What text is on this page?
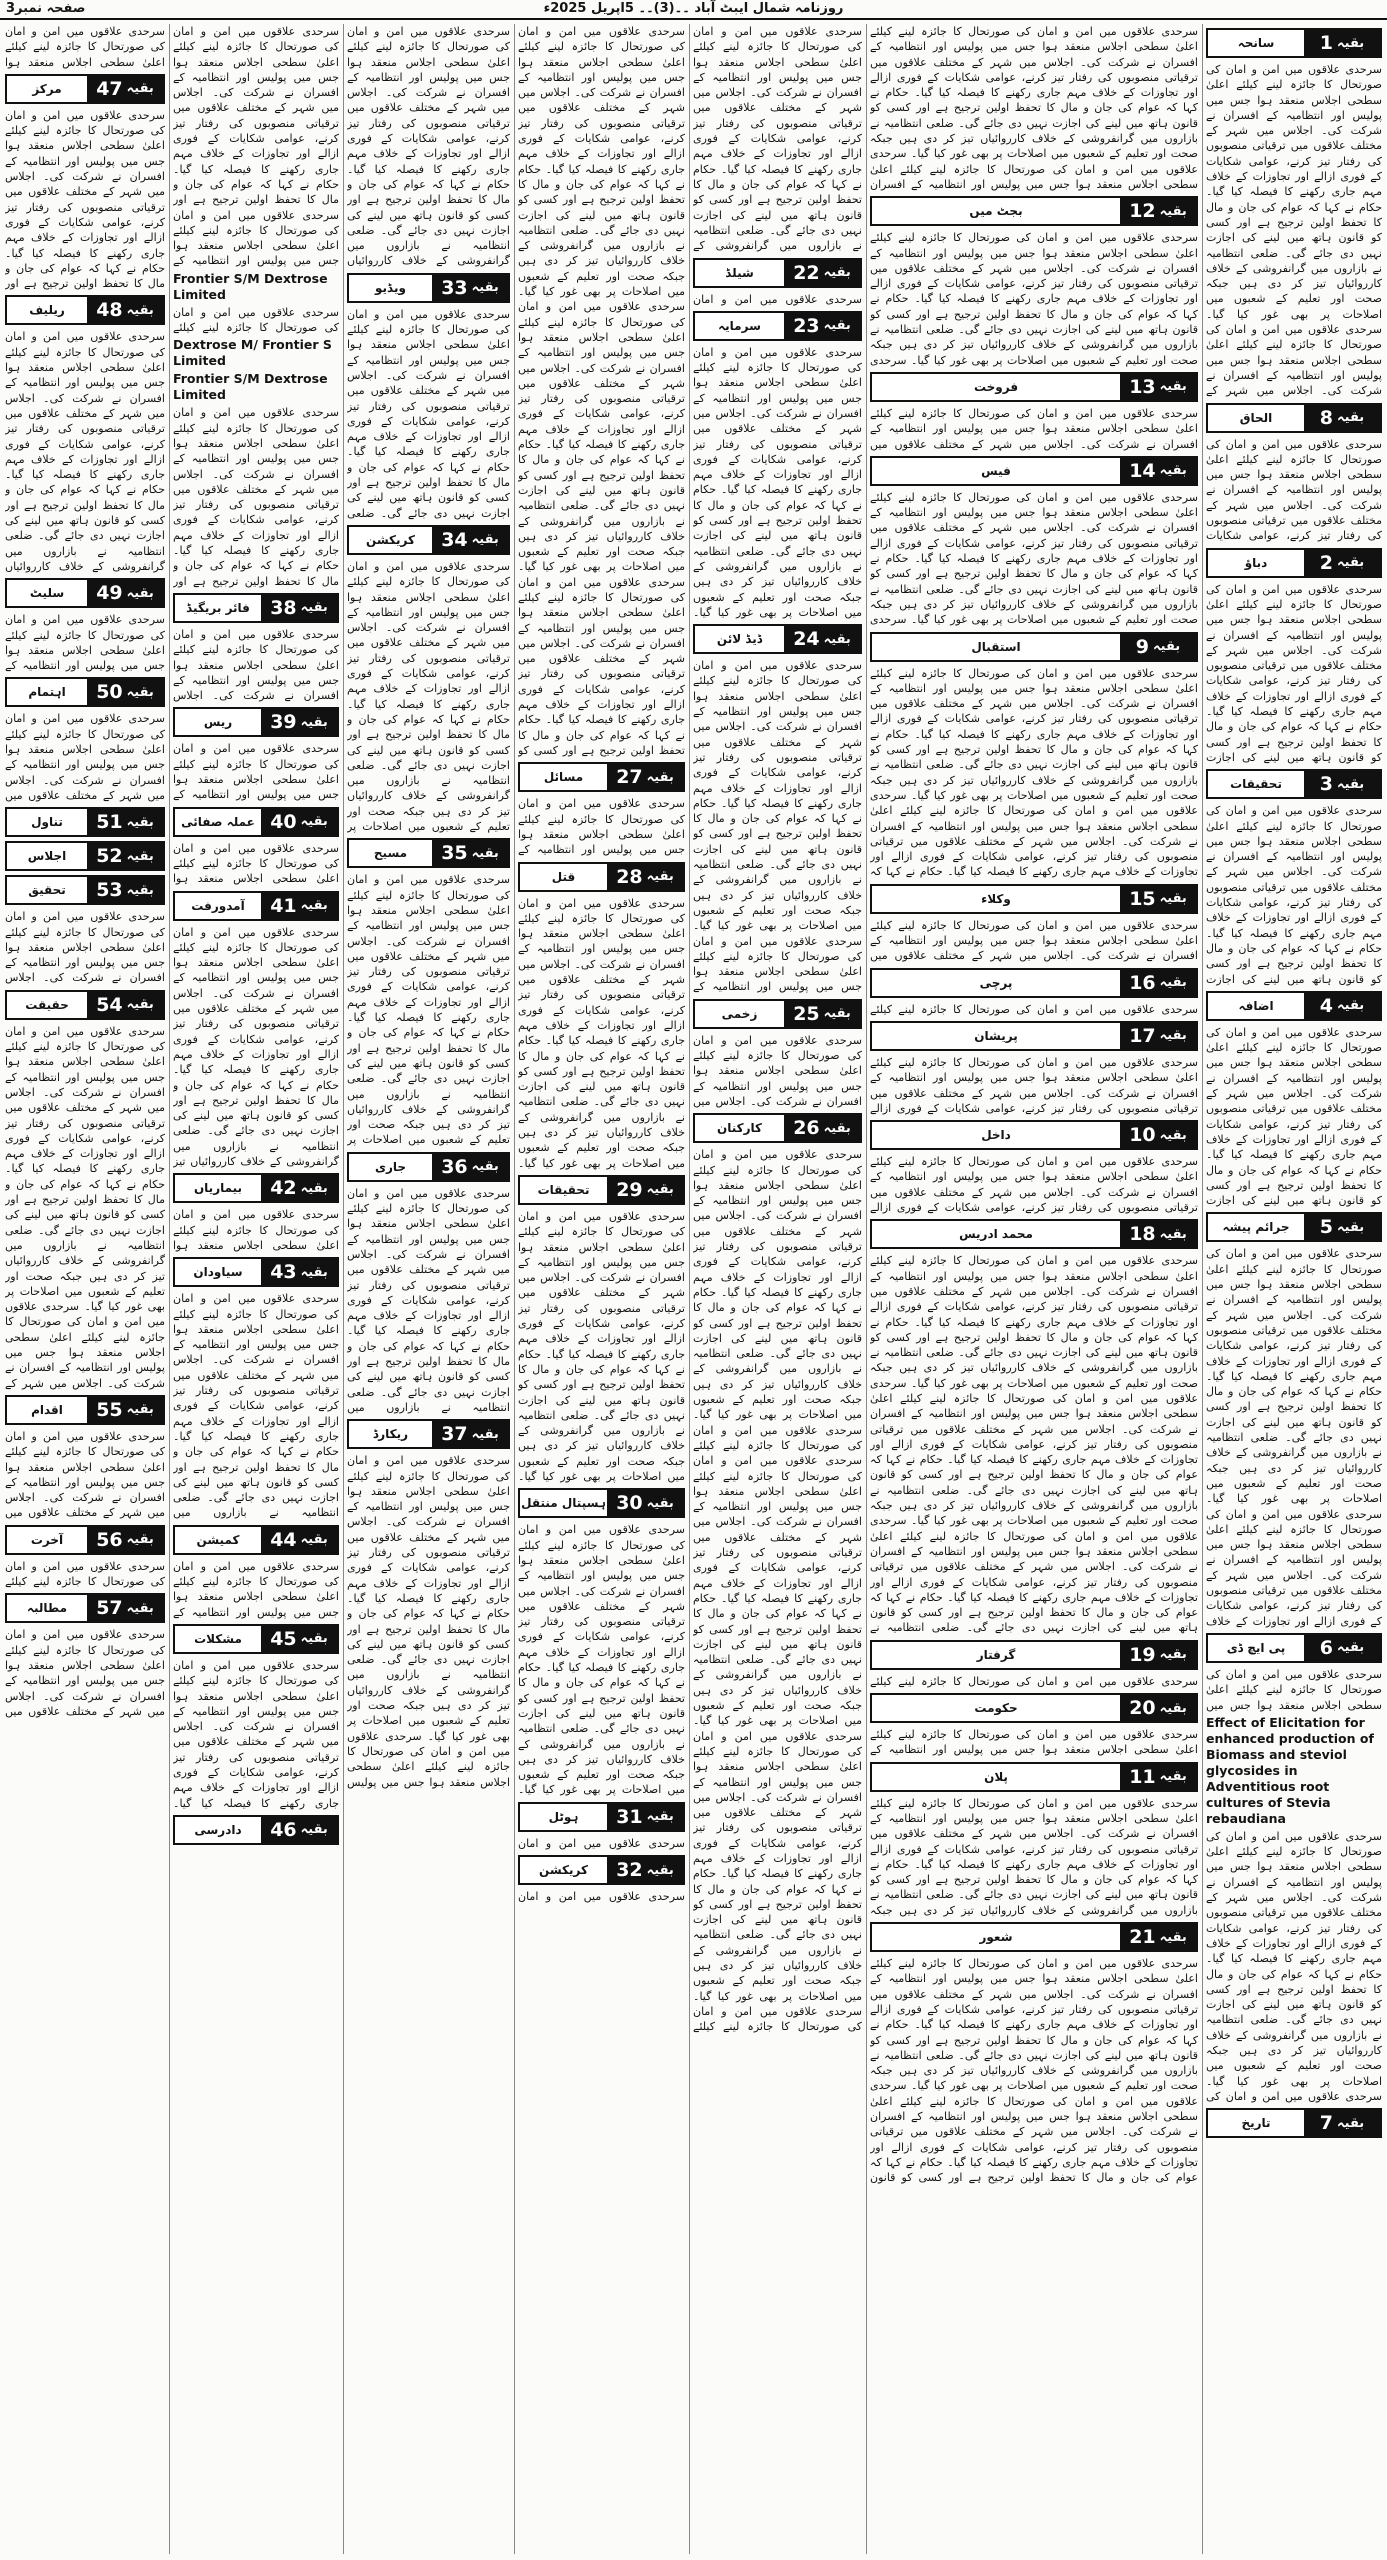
روزنامہ شمال ایبٹ آباد ۔۔(3)۔۔ 5اپریل 2025ء
صفحہ نمبر3
بقیہ
1
سانحہ

سرحدی علاقوں میں امن و امان کی صورتحال کا جائزہ لینے کیلئے اعلیٰ سطحی اجلاس منعقد ہوا جس میں پولیس اور انتظامیہ کے افسران نے شرکت کی۔ اجلاس میں شہر کے مختلف علاقوں میں ترقیاتی منصوبوں کی رفتار تیز کرنے، عوامی شکایات کے فوری ازالے اور تجاوزات کے خلاف مہم جاری رکھنے کا فیصلہ کیا گیا۔ حکام نے کہا کہ عوام کی جان و مال کا تحفظ اولین ترجیح ہے اور کسی کو قانون ہاتھ میں لینے کی اجازت نہیں دی جائے گی۔ ضلعی انتظامیہ نے بازاروں میں گرانفروشی کے خلاف کارروائیاں تیز کر دی ہیں جبکہ صحت اور تعلیم کے شعبوں میں اصلاحات پر بھی غور کیا گیا۔ سرحدی علاقوں میں امن و امان کی صورتحال کا جائزہ لینے کیلئے اعلیٰ سطحی اجلاس منعقد ہوا جس میں پولیس اور انتظامیہ کے افسران نے شرکت کی۔ اجلاس میں شہر کے

بقیہ
8
الحاق

سرحدی علاقوں میں امن و امان کی صورتحال کا جائزہ لینے کیلئے اعلیٰ سطحی اجلاس منعقد ہوا جس میں پولیس اور انتظامیہ کے افسران نے شرکت کی۔ اجلاس میں شہر کے مختلف علاقوں میں ترقیاتی منصوبوں کی رفتار تیز کرنے، عوامی شکایات

بقیہ
2
دباؤ

سرحدی علاقوں میں امن و امان کی صورتحال کا جائزہ لینے کیلئے اعلیٰ سطحی اجلاس منعقد ہوا جس میں پولیس اور انتظامیہ کے افسران نے شرکت کی۔ اجلاس میں شہر کے مختلف علاقوں میں ترقیاتی منصوبوں کی رفتار تیز کرنے، عوامی شکایات کے فوری ازالے اور تجاوزات کے خلاف مہم جاری رکھنے کا فیصلہ کیا گیا۔ حکام نے کہا کہ عوام کی جان و مال کا تحفظ اولین ترجیح ہے اور کسی کو قانون ہاتھ میں لینے کی اجازت

بقیہ
3
تحقیقات

سرحدی علاقوں میں امن و امان کی صورتحال کا جائزہ لینے کیلئے اعلیٰ سطحی اجلاس منعقد ہوا جس میں پولیس اور انتظامیہ کے افسران نے شرکت کی۔ اجلاس میں شہر کے مختلف علاقوں میں ترقیاتی منصوبوں کی رفتار تیز کرنے، عوامی شکایات کے فوری ازالے اور تجاوزات کے خلاف مہم جاری رکھنے کا فیصلہ کیا گیا۔ حکام نے کہا کہ عوام کی جان و مال کا تحفظ اولین ترجیح ہے اور کسی کو قانون ہاتھ میں لینے کی اجازت

بقیہ
4
اضافہ

سرحدی علاقوں میں امن و امان کی صورتحال کا جائزہ لینے کیلئے اعلیٰ سطحی اجلاس منعقد ہوا جس میں پولیس اور انتظامیہ کے افسران نے شرکت کی۔ اجلاس میں شہر کے مختلف علاقوں میں ترقیاتی منصوبوں کی رفتار تیز کرنے، عوامی شکایات کے فوری ازالے اور تجاوزات کے خلاف مہم جاری رکھنے کا فیصلہ کیا گیا۔ حکام نے کہا کہ عوام کی جان و مال کا تحفظ اولین ترجیح ہے اور کسی کو قانون ہاتھ میں لینے کی اجازت

بقیہ
5
جرائم پیشہ

سرحدی علاقوں میں امن و امان کی صورتحال کا جائزہ لینے کیلئے اعلیٰ سطحی اجلاس منعقد ہوا جس میں پولیس اور انتظامیہ کے افسران نے شرکت کی۔ اجلاس میں شہر کے مختلف علاقوں میں ترقیاتی منصوبوں کی رفتار تیز کرنے، عوامی شکایات کے فوری ازالے اور تجاوزات کے خلاف مہم جاری رکھنے کا فیصلہ کیا گیا۔ حکام نے کہا کہ عوام کی جان و مال کا تحفظ اولین ترجیح ہے اور کسی کو قانون ہاتھ میں لینے کی اجازت نہیں دی جائے گی۔ ضلعی انتظامیہ نے بازاروں میں گرانفروشی کے خلاف کارروائیاں تیز کر دی ہیں جبکہ صحت اور تعلیم کے شعبوں میں اصلاحات پر بھی غور کیا گیا۔ سرحدی علاقوں میں امن و امان کی صورتحال کا جائزہ لینے کیلئے اعلیٰ سطحی اجلاس منعقد ہوا جس میں پولیس اور انتظامیہ کے افسران نے شرکت کی۔ اجلاس میں شہر کے مختلف علاقوں میں ترقیاتی منصوبوں کی رفتار تیز کرنے، عوامی شکایات کے فوری ازالے اور تجاوزات کے خلاف

بقیہ
6
پی ایچ ڈی

سرحدی علاقوں میں امن و امان کی صورتحال کا جائزہ لینے کیلئے اعلیٰ سطحی اجلاس منعقد ہوا جس میں

Effect of Elicitation for enhanced production of Biomass and steviol glycosides in Adventitious root cultures of Stevia rebaudiana

سرحدی علاقوں میں امن و امان کی صورتحال کا جائزہ لینے کیلئے اعلیٰ سطحی اجلاس منعقد ہوا جس میں پولیس اور انتظامیہ کے افسران نے شرکت کی۔ اجلاس میں شہر کے مختلف علاقوں میں ترقیاتی منصوبوں کی رفتار تیز کرنے، عوامی شکایات کے فوری ازالے اور تجاوزات کے خلاف مہم جاری رکھنے کا فیصلہ کیا گیا۔ حکام نے کہا کہ عوام کی جان و مال کا تحفظ اولین ترجیح ہے اور کسی کو قانون ہاتھ میں لینے کی اجازت نہیں دی جائے گی۔ ضلعی انتظامیہ نے بازاروں میں گرانفروشی کے خلاف کارروائیاں تیز کر دی ہیں جبکہ صحت اور تعلیم کے شعبوں میں اصلاحات پر بھی غور کیا گیا۔ سرحدی علاقوں میں امن و امان کی

بقیہ
7
تاریخ

سرحدی علاقوں میں امن و امان کی صورتحال کا جائزہ لینے کیلئے اعلیٰ سطحی اجلاس منعقد ہوا جس میں پولیس اور انتظامیہ کے افسران نے شرکت کی۔ اجلاس میں شہر کے مختلف علاقوں میں ترقیاتی منصوبوں کی رفتار تیز کرنے، عوامی شکایات کے فوری ازالے اور تجاوزات کے خلاف مہم جاری رکھنے کا فیصلہ کیا گیا۔ حکام نے کہا کہ عوام کی جان و مال کا تحفظ اولین ترجیح ہے اور کسی کو قانون ہاتھ میں لینے کی اجازت نہیں دی جائے گی۔ ضلعی انتظامیہ نے بازاروں میں گرانفروشی کے خلاف کارروائیاں تیز کر دی ہیں جبکہ صحت اور تعلیم کے شعبوں میں اصلاحات پر بھی غور کیا گیا۔ سرحدی علاقوں میں امن و امان کی صورتحال کا جائزہ لینے کیلئے اعلیٰ سطحی اجلاس منعقد ہوا جس میں پولیس اور انتظامیہ کے افسران

بقیہ
12
بجٹ میں

سرحدی علاقوں میں امن و امان کی صورتحال کا جائزہ لینے کیلئے اعلیٰ سطحی اجلاس منعقد ہوا جس میں پولیس اور انتظامیہ کے افسران نے شرکت کی۔ اجلاس میں شہر کے مختلف علاقوں میں ترقیاتی منصوبوں کی رفتار تیز کرنے، عوامی شکایات کے فوری ازالے اور تجاوزات کے خلاف مہم جاری رکھنے کا فیصلہ کیا گیا۔ حکام نے کہا کہ عوام کی جان و مال کا تحفظ اولین ترجیح ہے اور کسی کو قانون ہاتھ میں لینے کی اجازت نہیں دی جائے گی۔ ضلعی انتظامیہ نے بازاروں میں گرانفروشی کے خلاف کارروائیاں تیز کر دی ہیں جبکہ صحت اور تعلیم کے شعبوں میں اصلاحات پر بھی غور کیا گیا۔ سرحدی

بقیہ
13
فروخت

سرحدی علاقوں میں امن و امان کی صورتحال کا جائزہ لینے کیلئے اعلیٰ سطحی اجلاس منعقد ہوا جس میں پولیس اور انتظامیہ کے افسران نے شرکت کی۔ اجلاس میں شہر کے مختلف علاقوں میں

بقیہ
14
فیس

سرحدی علاقوں میں امن و امان کی صورتحال کا جائزہ لینے کیلئے اعلیٰ سطحی اجلاس منعقد ہوا جس میں پولیس اور انتظامیہ کے افسران نے شرکت کی۔ اجلاس میں شہر کے مختلف علاقوں میں ترقیاتی منصوبوں کی رفتار تیز کرنے، عوامی شکایات کے فوری ازالے اور تجاوزات کے خلاف مہم جاری رکھنے کا فیصلہ کیا گیا۔ حکام نے کہا کہ عوام کی جان و مال کا تحفظ اولین ترجیح ہے اور کسی کو قانون ہاتھ میں لینے کی اجازت نہیں دی جائے گی۔ ضلعی انتظامیہ نے بازاروں میں گرانفروشی کے خلاف کارروائیاں تیز کر دی ہیں جبکہ صحت اور تعلیم کے شعبوں میں اصلاحات پر بھی غور کیا گیا۔ سرحدی

بقیہ
9
استقبال

سرحدی علاقوں میں امن و امان کی صورتحال کا جائزہ لینے کیلئے اعلیٰ سطحی اجلاس منعقد ہوا جس میں پولیس اور انتظامیہ کے افسران نے شرکت کی۔ اجلاس میں شہر کے مختلف علاقوں میں ترقیاتی منصوبوں کی رفتار تیز کرنے، عوامی شکایات کے فوری ازالے اور تجاوزات کے خلاف مہم جاری رکھنے کا فیصلہ کیا گیا۔ حکام نے کہا کہ عوام کی جان و مال کا تحفظ اولین ترجیح ہے اور کسی کو قانون ہاتھ میں لینے کی اجازت نہیں دی جائے گی۔ ضلعی انتظامیہ نے بازاروں میں گرانفروشی کے خلاف کارروائیاں تیز کر دی ہیں جبکہ صحت اور تعلیم کے شعبوں میں اصلاحات پر بھی غور کیا گیا۔ سرحدی علاقوں میں امن و امان کی صورتحال کا جائزہ لینے کیلئے اعلیٰ سطحی اجلاس منعقد ہوا جس میں پولیس اور انتظامیہ کے افسران نے شرکت کی۔ اجلاس میں شہر کے مختلف علاقوں میں ترقیاتی منصوبوں کی رفتار تیز کرنے، عوامی شکایات کے فوری ازالے اور تجاوزات کے خلاف مہم جاری رکھنے کا فیصلہ کیا گیا۔ حکام نے کہا کہ

بقیہ
15
وکلاء

سرحدی علاقوں میں امن و امان کی صورتحال کا جائزہ لینے کیلئے اعلیٰ سطحی اجلاس منعقد ہوا جس میں پولیس اور انتظامیہ کے افسران نے شرکت کی۔ اجلاس میں شہر کے مختلف علاقوں میں

بقیہ
16
پرچی

سرحدی علاقوں میں امن و امان کی صورتحال کا جائزہ لینے کیلئے

بقیہ
17
پریشان

سرحدی علاقوں میں امن و امان کی صورتحال کا جائزہ لینے کیلئے اعلیٰ سطحی اجلاس منعقد ہوا جس میں پولیس اور انتظامیہ کے افسران نے شرکت کی۔ اجلاس میں شہر کے مختلف علاقوں میں ترقیاتی منصوبوں کی رفتار تیز کرنے، عوامی شکایات کے فوری ازالے

بقیہ
10
داخل

سرحدی علاقوں میں امن و امان کی صورتحال کا جائزہ لینے کیلئے اعلیٰ سطحی اجلاس منعقد ہوا جس میں پولیس اور انتظامیہ کے افسران نے شرکت کی۔ اجلاس میں شہر کے مختلف علاقوں میں ترقیاتی منصوبوں کی رفتار تیز کرنے، عوامی شکایات کے فوری ازالے

بقیہ
18
محمد ادریس

سرحدی علاقوں میں امن و امان کی صورتحال کا جائزہ لینے کیلئے اعلیٰ سطحی اجلاس منعقد ہوا جس میں پولیس اور انتظامیہ کے افسران نے شرکت کی۔ اجلاس میں شہر کے مختلف علاقوں میں ترقیاتی منصوبوں کی رفتار تیز کرنے، عوامی شکایات کے فوری ازالے اور تجاوزات کے خلاف مہم جاری رکھنے کا فیصلہ کیا گیا۔ حکام نے کہا کہ عوام کی جان و مال کا تحفظ اولین ترجیح ہے اور کسی کو قانون ہاتھ میں لینے کی اجازت نہیں دی جائے گی۔ ضلعی انتظامیہ نے بازاروں میں گرانفروشی کے خلاف کارروائیاں تیز کر دی ہیں جبکہ صحت اور تعلیم کے شعبوں میں اصلاحات پر بھی غور کیا گیا۔ سرحدی علاقوں میں امن و امان کی صورتحال کا جائزہ لینے کیلئے اعلیٰ سطحی اجلاس منعقد ہوا جس میں پولیس اور انتظامیہ کے افسران نے شرکت کی۔ اجلاس میں شہر کے مختلف علاقوں میں ترقیاتی منصوبوں کی رفتار تیز کرنے، عوامی شکایات کے فوری ازالے اور تجاوزات کے خلاف مہم جاری رکھنے کا فیصلہ کیا گیا۔ حکام نے کہا کہ عوام کی جان و مال کا تحفظ اولین ترجیح ہے اور کسی کو قانون ہاتھ میں لینے کی اجازت نہیں دی جائے گی۔ ضلعی انتظامیہ نے بازاروں میں گرانفروشی کے خلاف کارروائیاں تیز کر دی ہیں جبکہ صحت اور تعلیم کے شعبوں میں اصلاحات پر بھی غور کیا گیا۔ سرحدی علاقوں میں امن و امان کی صورتحال کا جائزہ لینے کیلئے اعلیٰ سطحی اجلاس منعقد ہوا جس میں پولیس اور انتظامیہ کے افسران نے شرکت کی۔ اجلاس میں شہر کے مختلف علاقوں میں ترقیاتی منصوبوں کی رفتار تیز کرنے، عوامی شکایات کے فوری ازالے اور تجاوزات کے خلاف مہم جاری رکھنے کا فیصلہ کیا گیا۔ حکام نے کہا کہ عوام کی جان و مال کا تحفظ اولین ترجیح ہے اور کسی کو قانون ہاتھ میں لینے کی اجازت نہیں دی جائے گی۔ ضلعی انتظامیہ نے

بقیہ
19
گرفتار

سرحدی علاقوں میں امن و امان کی صورتحال کا جائزہ لینے کیلئے

بقیہ
20
حکومت

سرحدی علاقوں میں امن و امان کی صورتحال کا جائزہ لینے کیلئے اعلیٰ سطحی اجلاس منعقد ہوا جس میں پولیس اور انتظامیہ کے

بقیہ
11
پلان

سرحدی علاقوں میں امن و امان کی صورتحال کا جائزہ لینے کیلئے اعلیٰ سطحی اجلاس منعقد ہوا جس میں پولیس اور انتظامیہ کے افسران نے شرکت کی۔ اجلاس میں شہر کے مختلف علاقوں میں ترقیاتی منصوبوں کی رفتار تیز کرنے، عوامی شکایات کے فوری ازالے اور تجاوزات کے خلاف مہم جاری رکھنے کا فیصلہ کیا گیا۔ حکام نے کہا کہ عوام کی جان و مال کا تحفظ اولین ترجیح ہے اور کسی کو قانون ہاتھ میں لینے کی اجازت نہیں دی جائے گی۔ ضلعی انتظامیہ نے بازاروں میں گرانفروشی کے خلاف کارروائیاں تیز کر دی ہیں جبکہ

بقیہ
21
شعور

سرحدی علاقوں میں امن و امان کی صورتحال کا جائزہ لینے کیلئے اعلیٰ سطحی اجلاس منعقد ہوا جس میں پولیس اور انتظامیہ کے افسران نے شرکت کی۔ اجلاس میں شہر کے مختلف علاقوں میں ترقیاتی منصوبوں کی رفتار تیز کرنے، عوامی شکایات کے فوری ازالے اور تجاوزات کے خلاف مہم جاری رکھنے کا فیصلہ کیا گیا۔ حکام نے کہا کہ عوام کی جان و مال کا تحفظ اولین ترجیح ہے اور کسی کو قانون ہاتھ میں لینے کی اجازت نہیں دی جائے گی۔ ضلعی انتظامیہ نے بازاروں میں گرانفروشی کے خلاف کارروائیاں تیز کر دی ہیں جبکہ صحت اور تعلیم کے شعبوں میں اصلاحات پر بھی غور کیا گیا۔ سرحدی علاقوں میں امن و امان کی صورتحال کا جائزہ لینے کیلئے اعلیٰ سطحی اجلاس منعقد ہوا جس میں پولیس اور انتظامیہ کے افسران نے شرکت کی۔ اجلاس میں شہر کے مختلف علاقوں میں ترقیاتی منصوبوں کی رفتار تیز کرنے، عوامی شکایات کے فوری ازالے اور تجاوزات کے خلاف مہم جاری رکھنے کا فیصلہ کیا گیا۔ حکام نے کہا کہ عوام کی جان و مال کا تحفظ اولین ترجیح ہے اور کسی کو قانون

سرحدی علاقوں میں امن و امان کی صورتحال کا جائزہ لینے کیلئے اعلیٰ سطحی اجلاس منعقد ہوا جس میں پولیس اور انتظامیہ کے افسران نے شرکت کی۔ اجلاس میں شہر کے مختلف علاقوں میں ترقیاتی منصوبوں کی رفتار تیز کرنے، عوامی شکایات کے فوری ازالے اور تجاوزات کے خلاف مہم جاری رکھنے کا فیصلہ کیا گیا۔ حکام نے کہا کہ عوام کی جان و مال کا تحفظ اولین ترجیح ہے اور کسی کو قانون ہاتھ میں لینے کی اجازت نہیں دی جائے گی۔ ضلعی انتظامیہ نے بازاروں میں گرانفروشی کے

بقیہ
22
شیلڈ

سرحدی علاقوں میں امن و امان

بقیہ
23
سرمایہ

سرحدی علاقوں میں امن و امان کی صورتحال کا جائزہ لینے کیلئے اعلیٰ سطحی اجلاس منعقد ہوا جس میں پولیس اور انتظامیہ کے افسران نے شرکت کی۔ اجلاس میں شہر کے مختلف علاقوں میں ترقیاتی منصوبوں کی رفتار تیز کرنے، عوامی شکایات کے فوری ازالے اور تجاوزات کے خلاف مہم جاری رکھنے کا فیصلہ کیا گیا۔ حکام نے کہا کہ عوام کی جان و مال کا تحفظ اولین ترجیح ہے اور کسی کو قانون ہاتھ میں لینے کی اجازت نہیں دی جائے گی۔ ضلعی انتظامیہ نے بازاروں میں گرانفروشی کے خلاف کارروائیاں تیز کر دی ہیں جبکہ صحت اور تعلیم کے شعبوں میں اصلاحات پر بھی غور کیا گیا۔

بقیہ
24
ڈیڈ لائن

سرحدی علاقوں میں امن و امان کی صورتحال کا جائزہ لینے کیلئے اعلیٰ سطحی اجلاس منعقد ہوا جس میں پولیس اور انتظامیہ کے افسران نے شرکت کی۔ اجلاس میں شہر کے مختلف علاقوں میں ترقیاتی منصوبوں کی رفتار تیز کرنے، عوامی شکایات کے فوری ازالے اور تجاوزات کے خلاف مہم جاری رکھنے کا فیصلہ کیا گیا۔ حکام نے کہا کہ عوام کی جان و مال کا تحفظ اولین ترجیح ہے اور کسی کو قانون ہاتھ میں لینے کی اجازت نہیں دی جائے گی۔ ضلعی انتظامیہ نے بازاروں میں گرانفروشی کے خلاف کارروائیاں تیز کر دی ہیں جبکہ صحت اور تعلیم کے شعبوں میں اصلاحات پر بھی غور کیا گیا۔ سرحدی علاقوں میں امن و امان کی صورتحال کا جائزہ لینے کیلئے اعلیٰ سطحی اجلاس منعقد ہوا جس میں پولیس اور انتظامیہ کے

بقیہ
25
زخمی

سرحدی علاقوں میں امن و امان کی صورتحال کا جائزہ لینے کیلئے اعلیٰ سطحی اجلاس منعقد ہوا جس میں پولیس اور انتظامیہ کے افسران نے شرکت کی۔ اجلاس میں

بقیہ
26
کارکنان

سرحدی علاقوں میں امن و امان کی صورتحال کا جائزہ لینے کیلئے اعلیٰ سطحی اجلاس منعقد ہوا جس میں پولیس اور انتظامیہ کے افسران نے شرکت کی۔ اجلاس میں شہر کے مختلف علاقوں میں ترقیاتی منصوبوں کی رفتار تیز کرنے، عوامی شکایات کے فوری ازالے اور تجاوزات کے خلاف مہم جاری رکھنے کا فیصلہ کیا گیا۔ حکام نے کہا کہ عوام کی جان و مال کا تحفظ اولین ترجیح ہے اور کسی کو قانون ہاتھ میں لینے کی اجازت نہیں دی جائے گی۔ ضلعی انتظامیہ نے بازاروں میں گرانفروشی کے خلاف کارروائیاں تیز کر دی ہیں جبکہ صحت اور تعلیم کے شعبوں میں اصلاحات پر بھی غور کیا گیا۔ سرحدی علاقوں میں امن و امان کی صورتحال کا جائزہ لینے کیلئے

سرحدی علاقوں میں امن و امان کی صورتحال کا جائزہ لینے کیلئے اعلیٰ سطحی اجلاس منعقد ہوا جس میں پولیس اور انتظامیہ کے افسران نے شرکت کی۔ اجلاس میں شہر کے مختلف علاقوں میں ترقیاتی منصوبوں کی رفتار تیز کرنے، عوامی شکایات کے فوری ازالے اور تجاوزات کے خلاف مہم جاری رکھنے کا فیصلہ کیا گیا۔ حکام نے کہا کہ عوام کی جان و مال کا تحفظ اولین ترجیح ہے اور کسی کو قانون ہاتھ میں لینے کی اجازت نہیں دی جائے گی۔ ضلعی انتظامیہ نے بازاروں میں گرانفروشی کے خلاف کارروائیاں تیز کر دی ہیں جبکہ صحت اور تعلیم کے شعبوں میں اصلاحات پر بھی غور کیا گیا۔ سرحدی علاقوں میں امن و امان کی صورتحال کا جائزہ لینے کیلئے اعلیٰ سطحی اجلاس منعقد ہوا جس میں پولیس اور انتظامیہ کے افسران نے شرکت کی۔ اجلاس میں شہر کے مختلف علاقوں میں ترقیاتی منصوبوں کی رفتار تیز کرنے، عوامی شکایات کے فوری ازالے اور تجاوزات کے خلاف مہم جاری رکھنے کا فیصلہ کیا گیا۔ حکام نے کہا کہ عوام کی جان و مال کا تحفظ اولین ترجیح ہے اور کسی کو قانون ہاتھ میں لینے کی اجازت نہیں دی جائے گی۔ ضلعی انتظامیہ نے بازاروں میں گرانفروشی کے خلاف کارروائیاں تیز کر دی ہیں جبکہ صحت اور تعلیم کے شعبوں میں اصلاحات پر بھی غور کیا گیا۔ سرحدی علاقوں میں امن و امان کی صورتحال کا جائزہ لینے کیلئے

سرحدی علاقوں میں امن و امان کی صورتحال کا جائزہ لینے کیلئے اعلیٰ سطحی اجلاس منعقد ہوا جس میں پولیس اور انتظامیہ کے افسران نے شرکت کی۔ اجلاس میں شہر کے مختلف علاقوں میں ترقیاتی منصوبوں کی رفتار تیز کرنے، عوامی شکایات کے فوری ازالے اور تجاوزات کے خلاف مہم جاری رکھنے کا فیصلہ کیا گیا۔ حکام نے کہا کہ عوام کی جان و مال کا تحفظ اولین ترجیح ہے اور کسی کو قانون ہاتھ میں لینے کی اجازت نہیں دی جائے گی۔ ضلعی انتظامیہ نے بازاروں میں گرانفروشی کے خلاف کارروائیاں تیز کر دی ہیں جبکہ صحت اور تعلیم کے شعبوں میں اصلاحات پر بھی غور کیا گیا۔ سرحدی علاقوں میں امن و امان کی صورتحال کا جائزہ لینے کیلئے اعلیٰ سطحی اجلاس منعقد ہوا جس میں پولیس اور انتظامیہ کے افسران نے شرکت کی۔ اجلاس میں شہر کے مختلف علاقوں میں ترقیاتی منصوبوں کی رفتار تیز کرنے، عوامی شکایات کے فوری ازالے اور تجاوزات کے خلاف مہم جاری رکھنے کا فیصلہ کیا گیا۔ حکام نے کہا کہ عوام کی جان و مال کا تحفظ اولین ترجیح ہے اور کسی کو قانون ہاتھ میں لینے کی اجازت نہیں دی جائے گی۔ ضلعی انتظامیہ نے بازاروں میں گرانفروشی کے خلاف کارروائیاں تیز کر دی ہیں جبکہ صحت اور تعلیم کے شعبوں میں اصلاحات پر بھی غور کیا گیا۔ سرحدی علاقوں میں امن و امان کی صورتحال کا جائزہ لینے کیلئے اعلیٰ سطحی اجلاس منعقد ہوا جس میں پولیس اور انتظامیہ کے افسران نے شرکت کی۔ اجلاس میں شہر کے مختلف علاقوں میں ترقیاتی منصوبوں کی رفتار تیز کرنے، عوامی شکایات کے فوری ازالے اور تجاوزات کے خلاف مہم جاری رکھنے کا فیصلہ کیا گیا۔ حکام نے کہا کہ عوام کی جان و مال کا تحفظ اولین ترجیح ہے اور کسی کو

بقیہ
27
مسائل

سرحدی علاقوں میں امن و امان کی صورتحال کا جائزہ لینے کیلئے اعلیٰ سطحی اجلاس منعقد ہوا جس میں پولیس اور انتظامیہ کے

بقیہ
28
قتل

سرحدی علاقوں میں امن و امان کی صورتحال کا جائزہ لینے کیلئے اعلیٰ سطحی اجلاس منعقد ہوا جس میں پولیس اور انتظامیہ کے افسران نے شرکت کی۔ اجلاس میں شہر کے مختلف علاقوں میں ترقیاتی منصوبوں کی رفتار تیز کرنے، عوامی شکایات کے فوری ازالے اور تجاوزات کے خلاف مہم جاری رکھنے کا فیصلہ کیا گیا۔ حکام نے کہا کہ عوام کی جان و مال کا تحفظ اولین ترجیح ہے اور کسی کو قانون ہاتھ میں لینے کی اجازت نہیں دی جائے گی۔ ضلعی انتظامیہ نے بازاروں میں گرانفروشی کے خلاف کارروائیاں تیز کر دی ہیں جبکہ صحت اور تعلیم کے شعبوں میں اصلاحات پر بھی غور کیا گیا۔

بقیہ
29
تحقیقات

سرحدی علاقوں میں امن و امان کی صورتحال کا جائزہ لینے کیلئے اعلیٰ سطحی اجلاس منعقد ہوا جس میں پولیس اور انتظامیہ کے افسران نے شرکت کی۔ اجلاس میں شہر کے مختلف علاقوں میں ترقیاتی منصوبوں کی رفتار تیز کرنے، عوامی شکایات کے فوری ازالے اور تجاوزات کے خلاف مہم جاری رکھنے کا فیصلہ کیا گیا۔ حکام نے کہا کہ عوام کی جان و مال کا تحفظ اولین ترجیح ہے اور کسی کو قانون ہاتھ میں لینے کی اجازت نہیں دی جائے گی۔ ضلعی انتظامیہ نے بازاروں میں گرانفروشی کے خلاف کارروائیاں تیز کر دی ہیں جبکہ صحت اور تعلیم کے شعبوں میں اصلاحات پر بھی غور کیا گیا۔

بقیہ
30
ہسپتال منتقل

سرحدی علاقوں میں امن و امان کی صورتحال کا جائزہ لینے کیلئے اعلیٰ سطحی اجلاس منعقد ہوا جس میں پولیس اور انتظامیہ کے افسران نے شرکت کی۔ اجلاس میں شہر کے مختلف علاقوں میں ترقیاتی منصوبوں کی رفتار تیز کرنے، عوامی شکایات کے فوری ازالے اور تجاوزات کے خلاف مہم جاری رکھنے کا فیصلہ کیا گیا۔ حکام نے کہا کہ عوام کی جان و مال کا تحفظ اولین ترجیح ہے اور کسی کو قانون ہاتھ میں لینے کی اجازت نہیں دی جائے گی۔ ضلعی انتظامیہ نے بازاروں میں گرانفروشی کے خلاف کارروائیاں تیز کر دی ہیں جبکہ صحت اور تعلیم کے شعبوں میں اصلاحات پر بھی غور کیا گیا۔

بقیہ
31
ہوٹل

سرحدی علاقوں میں امن و امان

بقیہ
32
کریکشن

سرحدی علاقوں میں امن و امان

سرحدی علاقوں میں امن و امان کی صورتحال کا جائزہ لینے کیلئے اعلیٰ سطحی اجلاس منعقد ہوا جس میں پولیس اور انتظامیہ کے افسران نے شرکت کی۔ اجلاس میں شہر کے مختلف علاقوں میں ترقیاتی منصوبوں کی رفتار تیز کرنے، عوامی شکایات کے فوری ازالے اور تجاوزات کے خلاف مہم جاری رکھنے کا فیصلہ کیا گیا۔ حکام نے کہا کہ عوام کی جان و مال کا تحفظ اولین ترجیح ہے اور کسی کو قانون ہاتھ میں لینے کی اجازت نہیں دی جائے گی۔ ضلعی انتظامیہ نے بازاروں میں گرانفروشی کے خلاف کارروائیاں

بقیہ
33
ویڈیو

سرحدی علاقوں میں امن و امان کی صورتحال کا جائزہ لینے کیلئے اعلیٰ سطحی اجلاس منعقد ہوا جس میں پولیس اور انتظامیہ کے افسران نے شرکت کی۔ اجلاس میں شہر کے مختلف علاقوں میں ترقیاتی منصوبوں کی رفتار تیز کرنے، عوامی شکایات کے فوری ازالے اور تجاوزات کے خلاف مہم جاری رکھنے کا فیصلہ کیا گیا۔ حکام نے کہا کہ عوام کی جان و مال کا تحفظ اولین ترجیح ہے اور کسی کو قانون ہاتھ میں لینے کی اجازت نہیں دی جائے گی۔ ضلعی

بقیہ
34
کریکشن

سرحدی علاقوں میں امن و امان کی صورتحال کا جائزہ لینے کیلئے اعلیٰ سطحی اجلاس منعقد ہوا جس میں پولیس اور انتظامیہ کے افسران نے شرکت کی۔ اجلاس میں شہر کے مختلف علاقوں میں ترقیاتی منصوبوں کی رفتار تیز کرنے، عوامی شکایات کے فوری ازالے اور تجاوزات کے خلاف مہم جاری رکھنے کا فیصلہ کیا گیا۔ حکام نے کہا کہ عوام کی جان و مال کا تحفظ اولین ترجیح ہے اور کسی کو قانون ہاتھ میں لینے کی اجازت نہیں دی جائے گی۔ ضلعی انتظامیہ نے بازاروں میں گرانفروشی کے خلاف کارروائیاں تیز کر دی ہیں جبکہ صحت اور تعلیم کے شعبوں میں اصلاحات پر

بقیہ
35
مسیح

سرحدی علاقوں میں امن و امان کی صورتحال کا جائزہ لینے کیلئے اعلیٰ سطحی اجلاس منعقد ہوا جس میں پولیس اور انتظامیہ کے افسران نے شرکت کی۔ اجلاس میں شہر کے مختلف علاقوں میں ترقیاتی منصوبوں کی رفتار تیز کرنے، عوامی شکایات کے فوری ازالے اور تجاوزات کے خلاف مہم جاری رکھنے کا فیصلہ کیا گیا۔ حکام نے کہا کہ عوام کی جان و مال کا تحفظ اولین ترجیح ہے اور کسی کو قانون ہاتھ میں لینے کی اجازت نہیں دی جائے گی۔ ضلعی انتظامیہ نے بازاروں میں گرانفروشی کے خلاف کارروائیاں تیز کر دی ہیں جبکہ صحت اور تعلیم کے شعبوں میں اصلاحات پر

بقیہ
36
جاری

سرحدی علاقوں میں امن و امان کی صورتحال کا جائزہ لینے کیلئے اعلیٰ سطحی اجلاس منعقد ہوا جس میں پولیس اور انتظامیہ کے افسران نے شرکت کی۔ اجلاس میں شہر کے مختلف علاقوں میں ترقیاتی منصوبوں کی رفتار تیز کرنے، عوامی شکایات کے فوری ازالے اور تجاوزات کے خلاف مہم جاری رکھنے کا فیصلہ کیا گیا۔ حکام نے کہا کہ عوام کی جان و مال کا تحفظ اولین ترجیح ہے اور کسی کو قانون ہاتھ میں لینے کی اجازت نہیں دی جائے گی۔ ضلعی انتظامیہ نے بازاروں میں

بقیہ
37
ریکارڈ

سرحدی علاقوں میں امن و امان کی صورتحال کا جائزہ لینے کیلئے اعلیٰ سطحی اجلاس منعقد ہوا جس میں پولیس اور انتظامیہ کے افسران نے شرکت کی۔ اجلاس میں شہر کے مختلف علاقوں میں ترقیاتی منصوبوں کی رفتار تیز کرنے، عوامی شکایات کے فوری ازالے اور تجاوزات کے خلاف مہم جاری رکھنے کا فیصلہ کیا گیا۔ حکام نے کہا کہ عوام کی جان و مال کا تحفظ اولین ترجیح ہے اور کسی کو قانون ہاتھ میں لینے کی اجازت نہیں دی جائے گی۔ ضلعی انتظامیہ نے بازاروں میں گرانفروشی کے خلاف کارروائیاں تیز کر دی ہیں جبکہ صحت اور تعلیم کے شعبوں میں اصلاحات پر بھی غور کیا گیا۔ سرحدی علاقوں میں امن و امان کی صورتحال کا جائزہ لینے کیلئے اعلیٰ سطحی اجلاس منعقد ہوا جس میں پولیس

سرحدی علاقوں میں امن و امان کی صورتحال کا جائزہ لینے کیلئے اعلیٰ سطحی اجلاس منعقد ہوا جس میں پولیس اور انتظامیہ کے افسران نے شرکت کی۔ اجلاس میں شہر کے مختلف علاقوں میں ترقیاتی منصوبوں کی رفتار تیز کرنے، عوامی شکایات کے فوری ازالے اور تجاوزات کے خلاف مہم جاری رکھنے کا فیصلہ کیا گیا۔ حکام نے کہا کہ عوام کی جان و مال کا تحفظ اولین ترجیح ہے اور

سرحدی علاقوں میں امن و امان کی صورتحال کا جائزہ لینے کیلئے اعلیٰ سطحی اجلاس منعقد ہوا جس میں پولیس اور انتظامیہ کے

Frontier S/M Dextrose Limited

سرحدی علاقوں میں امن و امان کی صورتحال کا جائزہ لینے کیلئے

Dextrose M/ Frontier S Limited

Frontier S/M Dextrose Limited

سرحدی علاقوں میں امن و امان کی صورتحال کا جائزہ لینے کیلئے اعلیٰ سطحی اجلاس منعقد ہوا جس میں پولیس اور انتظامیہ کے افسران نے شرکت کی۔ اجلاس میں شہر کے مختلف علاقوں میں ترقیاتی منصوبوں کی رفتار تیز کرنے، عوامی شکایات کے فوری ازالے اور تجاوزات کے خلاف مہم جاری رکھنے کا فیصلہ کیا گیا۔ حکام نے کہا کہ عوام کی جان و مال کا تحفظ اولین ترجیح ہے اور

بقیہ
38
فائر بریگیڈ

سرحدی علاقوں میں امن و امان کی صورتحال کا جائزہ لینے کیلئے اعلیٰ سطحی اجلاس منعقد ہوا جس میں پولیس اور انتظامیہ کے افسران نے شرکت کی۔ اجلاس

بقیہ
39
ریس

سرحدی علاقوں میں امن و امان کی صورتحال کا جائزہ لینے کیلئے اعلیٰ سطحی اجلاس منعقد ہوا جس میں پولیس اور انتظامیہ کے

بقیہ
40
عملہ صفائی

سرحدی علاقوں میں امن و امان کی صورتحال کا جائزہ لینے کیلئے اعلیٰ سطحی اجلاس منعقد ہوا

بقیہ
41
آمدورفت

سرحدی علاقوں میں امن و امان کی صورتحال کا جائزہ لینے کیلئے اعلیٰ سطحی اجلاس منعقد ہوا جس میں پولیس اور انتظامیہ کے افسران نے شرکت کی۔ اجلاس میں شہر کے مختلف علاقوں میں ترقیاتی منصوبوں کی رفتار تیز کرنے، عوامی شکایات کے فوری ازالے اور تجاوزات کے خلاف مہم جاری رکھنے کا فیصلہ کیا گیا۔ حکام نے کہا کہ عوام کی جان و مال کا تحفظ اولین ترجیح ہے اور کسی کو قانون ہاتھ میں لینے کی اجازت نہیں دی جائے گی۔ ضلعی انتظامیہ نے بازاروں میں گرانفروشی کے خلاف کارروائیاں تیز

بقیہ
42
بیماریاں

سرحدی علاقوں میں امن و امان کی صورتحال کا جائزہ لینے کیلئے اعلیٰ سطحی اجلاس منعقد ہوا

بقیہ
43
سیاودان

سرحدی علاقوں میں امن و امان کی صورتحال کا جائزہ لینے کیلئے اعلیٰ سطحی اجلاس منعقد ہوا جس میں پولیس اور انتظامیہ کے افسران نے شرکت کی۔ اجلاس میں شہر کے مختلف علاقوں میں ترقیاتی منصوبوں کی رفتار تیز کرنے، عوامی شکایات کے فوری ازالے اور تجاوزات کے خلاف مہم جاری رکھنے کا فیصلہ کیا گیا۔ حکام نے کہا کہ عوام کی جان و مال کا تحفظ اولین ترجیح ہے اور کسی کو قانون ہاتھ میں لینے کی اجازت نہیں دی جائے گی۔ ضلعی انتظامیہ نے بازاروں میں

بقیہ
44
کمیشن

سرحدی علاقوں میں امن و امان کی صورتحال کا جائزہ لینے کیلئے اعلیٰ سطحی اجلاس منعقد ہوا جس میں پولیس اور انتظامیہ کے

بقیہ
45
مشکلات

سرحدی علاقوں میں امن و امان کی صورتحال کا جائزہ لینے کیلئے اعلیٰ سطحی اجلاس منعقد ہوا جس میں پولیس اور انتظامیہ کے افسران نے شرکت کی۔ اجلاس میں شہر کے مختلف علاقوں میں ترقیاتی منصوبوں کی رفتار تیز کرنے، عوامی شکایات کے فوری ازالے اور تجاوزات کے خلاف مہم جاری رکھنے کا فیصلہ کیا گیا۔

بقیہ
46
دادرسی

سرحدی علاقوں میں امن و امان کی صورتحال کا جائزہ لینے کیلئے اعلیٰ سطحی اجلاس منعقد ہوا

بقیہ
47
مرکز

سرحدی علاقوں میں امن و امان کی صورتحال کا جائزہ لینے کیلئے اعلیٰ سطحی اجلاس منعقد ہوا جس میں پولیس اور انتظامیہ کے افسران نے شرکت کی۔ اجلاس میں شہر کے مختلف علاقوں میں ترقیاتی منصوبوں کی رفتار تیز کرنے، عوامی شکایات کے فوری ازالے اور تجاوزات کے خلاف مہم جاری رکھنے کا فیصلہ کیا گیا۔ حکام نے کہا کہ عوام کی جان و مال کا تحفظ اولین ترجیح ہے اور

بقیہ
48
ریلیف

سرحدی علاقوں میں امن و امان کی صورتحال کا جائزہ لینے کیلئے اعلیٰ سطحی اجلاس منعقد ہوا جس میں پولیس اور انتظامیہ کے افسران نے شرکت کی۔ اجلاس میں شہر کے مختلف علاقوں میں ترقیاتی منصوبوں کی رفتار تیز کرنے، عوامی شکایات کے فوری ازالے اور تجاوزات کے خلاف مہم جاری رکھنے کا فیصلہ کیا گیا۔ حکام نے کہا کہ عوام کی جان و مال کا تحفظ اولین ترجیح ہے اور کسی کو قانون ہاتھ میں لینے کی اجازت نہیں دی جائے گی۔ ضلعی انتظامیہ نے بازاروں میں گرانفروشی کے خلاف کارروائیاں

بقیہ
49
سلیٹ

سرحدی علاقوں میں امن و امان کی صورتحال کا جائزہ لینے کیلئے اعلیٰ سطحی اجلاس منعقد ہوا جس میں پولیس اور انتظامیہ کے

بقیہ
50
اہتمام

سرحدی علاقوں میں امن و امان کی صورتحال کا جائزہ لینے کیلئے اعلیٰ سطحی اجلاس منعقد ہوا جس میں پولیس اور انتظامیہ کے افسران نے شرکت کی۔ اجلاس میں شہر کے مختلف علاقوں میں

بقیہ
51
تناول
بقیہ
52
اجلاس
بقیہ
53
تحقیق

سرحدی علاقوں میں امن و امان کی صورتحال کا جائزہ لینے کیلئے اعلیٰ سطحی اجلاس منعقد ہوا جس میں پولیس اور انتظامیہ کے افسران نے شرکت کی۔ اجلاس

بقیہ
54
حقیقت

سرحدی علاقوں میں امن و امان کی صورتحال کا جائزہ لینے کیلئے اعلیٰ سطحی اجلاس منعقد ہوا جس میں پولیس اور انتظامیہ کے افسران نے شرکت کی۔ اجلاس میں شہر کے مختلف علاقوں میں ترقیاتی منصوبوں کی رفتار تیز کرنے، عوامی شکایات کے فوری ازالے اور تجاوزات کے خلاف مہم جاری رکھنے کا فیصلہ کیا گیا۔ حکام نے کہا کہ عوام کی جان و مال کا تحفظ اولین ترجیح ہے اور کسی کو قانون ہاتھ میں لینے کی اجازت نہیں دی جائے گی۔ ضلعی انتظامیہ نے بازاروں میں گرانفروشی کے خلاف کارروائیاں تیز کر دی ہیں جبکہ صحت اور تعلیم کے شعبوں میں اصلاحات پر بھی غور کیا گیا۔ سرحدی علاقوں میں امن و امان کی صورتحال کا جائزہ لینے کیلئے اعلیٰ سطحی اجلاس منعقد ہوا جس میں پولیس اور انتظامیہ کے افسران نے شرکت کی۔ اجلاس میں شہر کے

بقیہ
55
اقدام

سرحدی علاقوں میں امن و امان کی صورتحال کا جائزہ لینے کیلئے اعلیٰ سطحی اجلاس منعقد ہوا جس میں پولیس اور انتظامیہ کے افسران نے شرکت کی۔ اجلاس میں شہر کے مختلف علاقوں میں

بقیہ
56
آخرت

سرحدی علاقوں میں امن و امان کی صورتحال کا جائزہ لینے کیلئے

بقیہ
57
مطالبہ

سرحدی علاقوں میں امن و امان کی صورتحال کا جائزہ لینے کیلئے اعلیٰ سطحی اجلاس منعقد ہوا جس میں پولیس اور انتظامیہ کے افسران نے شرکت کی۔ اجلاس میں شہر کے مختلف علاقوں میں
